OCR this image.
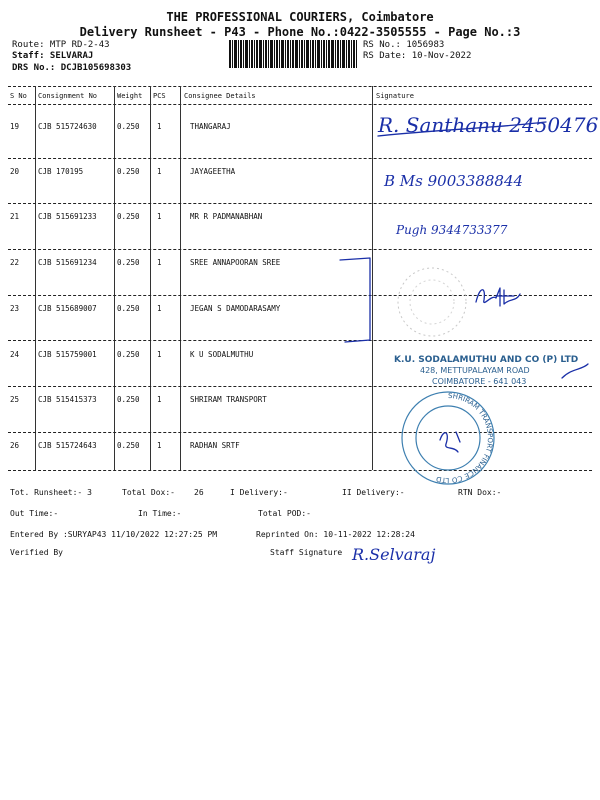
THE PROFESSIONAL COURIERS, Coimbatore
Delivery Runsheet - P43 - Phone No.:0422-3505555 - Page No.:3
Route: MTP RD-2-43
Staff: SELVARAJ
DRS No.: DCJB105698303
RS No.: 1056983
RS Date: 10-Nov-2022
S No Consignment No	Weight PCS	Consignee Details	Signature
19	CJB 515724630	0.250 1	THANGARAJ
20	CJB 170195	0.250 1	JAYAGEETHA
21	CJB 515691233	0.250 1	MR R PADMANABHAN
22	CJB 515691234	0.250 1	SREE ANNAPOORAN SREE
23	CJB 515689007	0.250 1	JEGAN S DAMODARASAMY
24	CJB 515759001	0.250 1	K U SODALMUTHU
25	CJB 515415373	0.250 1	SHRIRAM TRANSPORT
26	CJB 515724643	0.250 1	RADHAN SRTF
R. Santhanu 2450476
B Ms 9003388844
Pugh 9344733377
K.U. SODALAMUTHU AND CO (P) LTD
428, METTUPALAYAM ROAD
COIMBATORE - 641 043
SHRIRAM TRANSPORT FINANCE CO LTD
Tot. Runsheet:- 3	Total Dox:- 26	I Delivery:-	II Delivery:-	RTN Dox:-
Out Time:-	In Time:-	Total POD:-
Entered By :SURYAP43 11/10/2022 12:27:25 PM	Reprinted On: 10-11-2022 12:28:24
Verified By	Staff Signature R.Selvaraj
